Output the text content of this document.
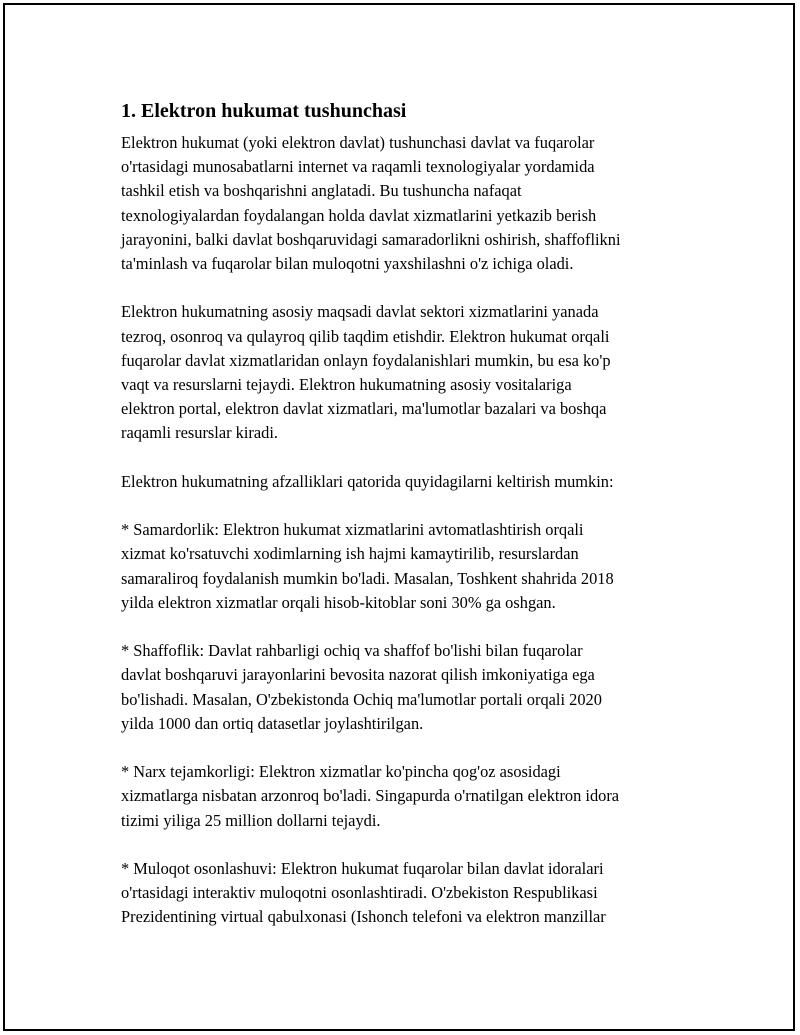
1. Elektron hukumat tushunchasi
Elektron hukumat (yoki elektron davlat) tushunchasi davlat va fuqarolar
o'rtasidagi munosabatlarni internet va raqamli texnologiyalar yordamida
tashkil etish va boshqarishni anglatadi. Bu tushuncha nafaqat
texnologiyalardan foydalangan holda davlat xizmatlarini yetkazib berish
jarayonini, balki davlat boshqaruvidagi samaradorlikni oshirish, shaffoflikni
ta'minlash va fuqarolar bilan muloqotni yaxshilashni o'z ichiga oladi.
Elektron hukumatning asosiy maqsadi davlat sektori xizmatlarini yanada
tezroq, osonroq va qulayroq qilib taqdim etishdir. Elektron hukumat orqali
fuqarolar davlat xizmatlaridan onlayn foydalanishlari mumkin, bu esa ko'p
vaqt va resurslarni tejaydi. Elektron hukumatning asosiy vositalariga
elektron portal, elektron davlat xizmatlari, ma'lumotlar bazalari va boshqa
raqamli resurslar kiradi.
Elektron hukumatning afzalliklari qatorida quyidagilarni keltirish mumkin:
* Samardorlik: Elektron hukumat xizmatlarini avtomatlashtirish orqali
xizmat ko'rsatuvchi xodimlarning ish hajmi kamaytirilib, resurslardan
samaraliroq foydalanish mumkin bo'ladi. Masalan, Toshkent shahrida 2018
yilda elektron xizmatlar orqali hisob-kitoblar soni 30% ga oshgan.
* Shaffoflik: Davlat rahbarligi ochiq va shaffof bo'lishi bilan fuqarolar
davlat boshqaruvi jarayonlarini bevosita nazorat qilish imkoniyatiga ega
bo'lishadi. Masalan, O'zbekistonda Ochiq ma'lumotlar portali orqali 2020
yilda 1000 dan ortiq datasetlar joylashtirilgan.
* Narx tejamkorligi: Elektron xizmatlar ko'pincha qog'oz asosidagi
xizmatlarga nisbatan arzonroq bo'ladi. Singapurda o'rnatilgan elektron idora
tizimi yiliga 25 million dollarni tejaydi.
* Muloqot osonlashuvi: Elektron hukumat fuqarolar bilan davlat idoralari
o'rtasidagi interaktiv muloqotni osonlashtiradi. O'zbekiston Respublikasi
Prezidentining virtual qabulxonasi (Ishonch telefoni va elektron manzillar
